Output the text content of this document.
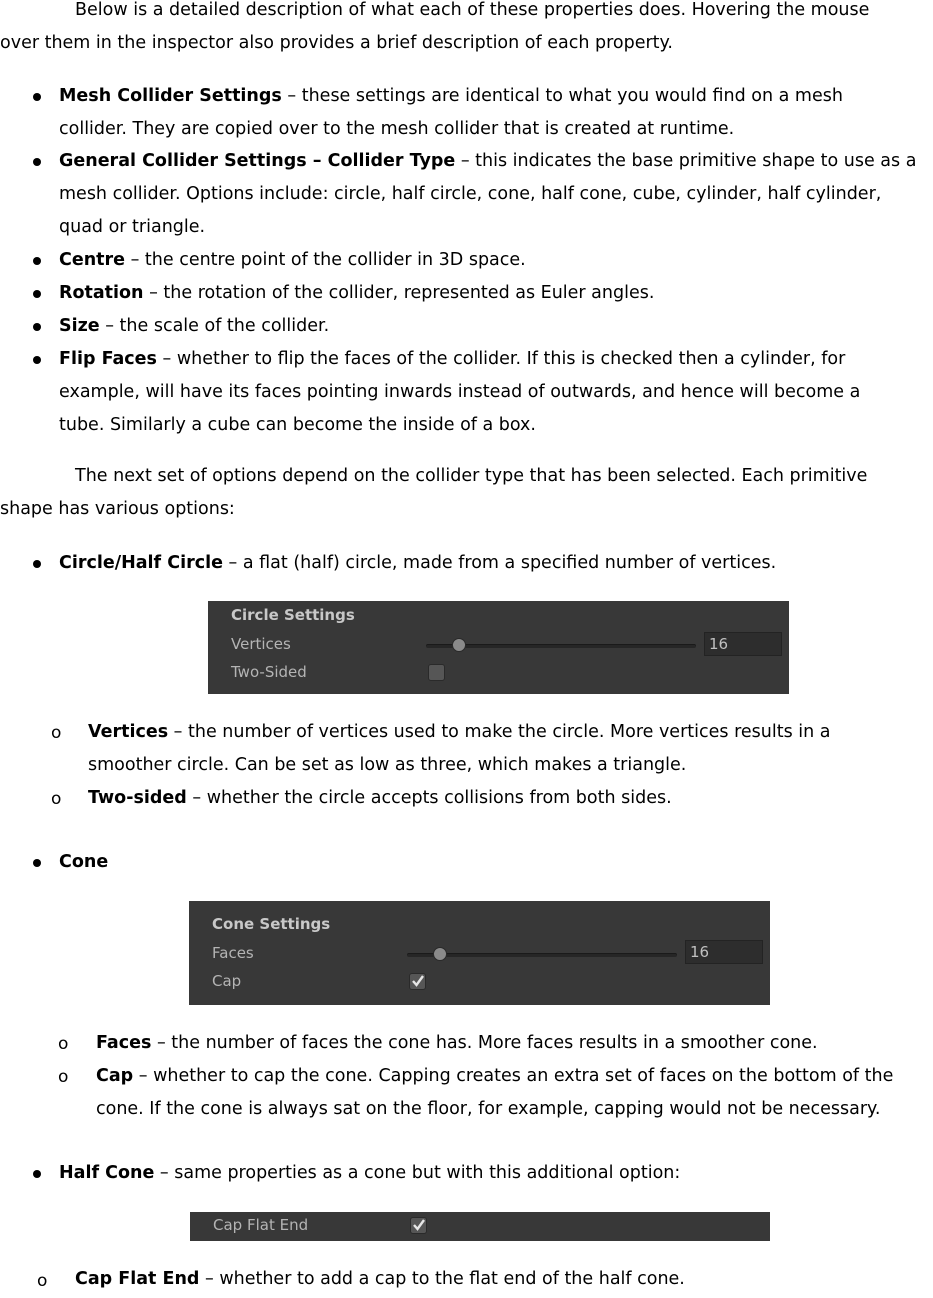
Below is a detailed description of what each of these properties does. Hovering the mouse
over them in the inspector also provides a brief description of each property.
Mesh Collider Settings – these settings are identical to what you would find on a mesh
collider. They are copied over to the mesh collider that is created at runtime.
General Collider Settings – Collider Type – this indicates the base primitive shape to use as a
mesh collider. Options include: circle, half circle, cone, half cone, cube, cylinder, half cylinder,
quad or triangle.
Centre – the centre point of the collider in 3D space.
Rotation – the rotation of the collider, represented as Euler angles.
Size – the scale of the collider.
Flip Faces – whether to flip the faces of the collider. If this is checked then a cylinder, for
example, will have its faces pointing inwards instead of outwards, and hence will become a
tube. Similarly a cube can become the inside of a box.
The next set of options depend on the collider type that has been selected. Each primitive
shape has various options:
Circle/Half Circle – a flat (half) circle, made from a specified number of vertices.
Circle Settings
Vertices	16
Two-Sided
o Vertices – the number of vertices used to make the circle. More vertices results in a
smoother circle. Can be set as low as three, which makes a triangle.
o Two-sided – whether the circle accepts collisions from both sides.
Cone
Cone Settings
Faces	16
Cap
o Faces – the number of faces the cone has. More faces results in a smoother cone.
o Cap – whether to cap the cone. Capping creates an extra set of faces on the bottom of the
cone. If the cone is always sat on the floor, for example, capping would not be necessary.
Half Cone – same properties as a cone but with this additional option:
Cap Flat End
o Cap Flat End – whether to add a cap to the flat end of the half cone.
